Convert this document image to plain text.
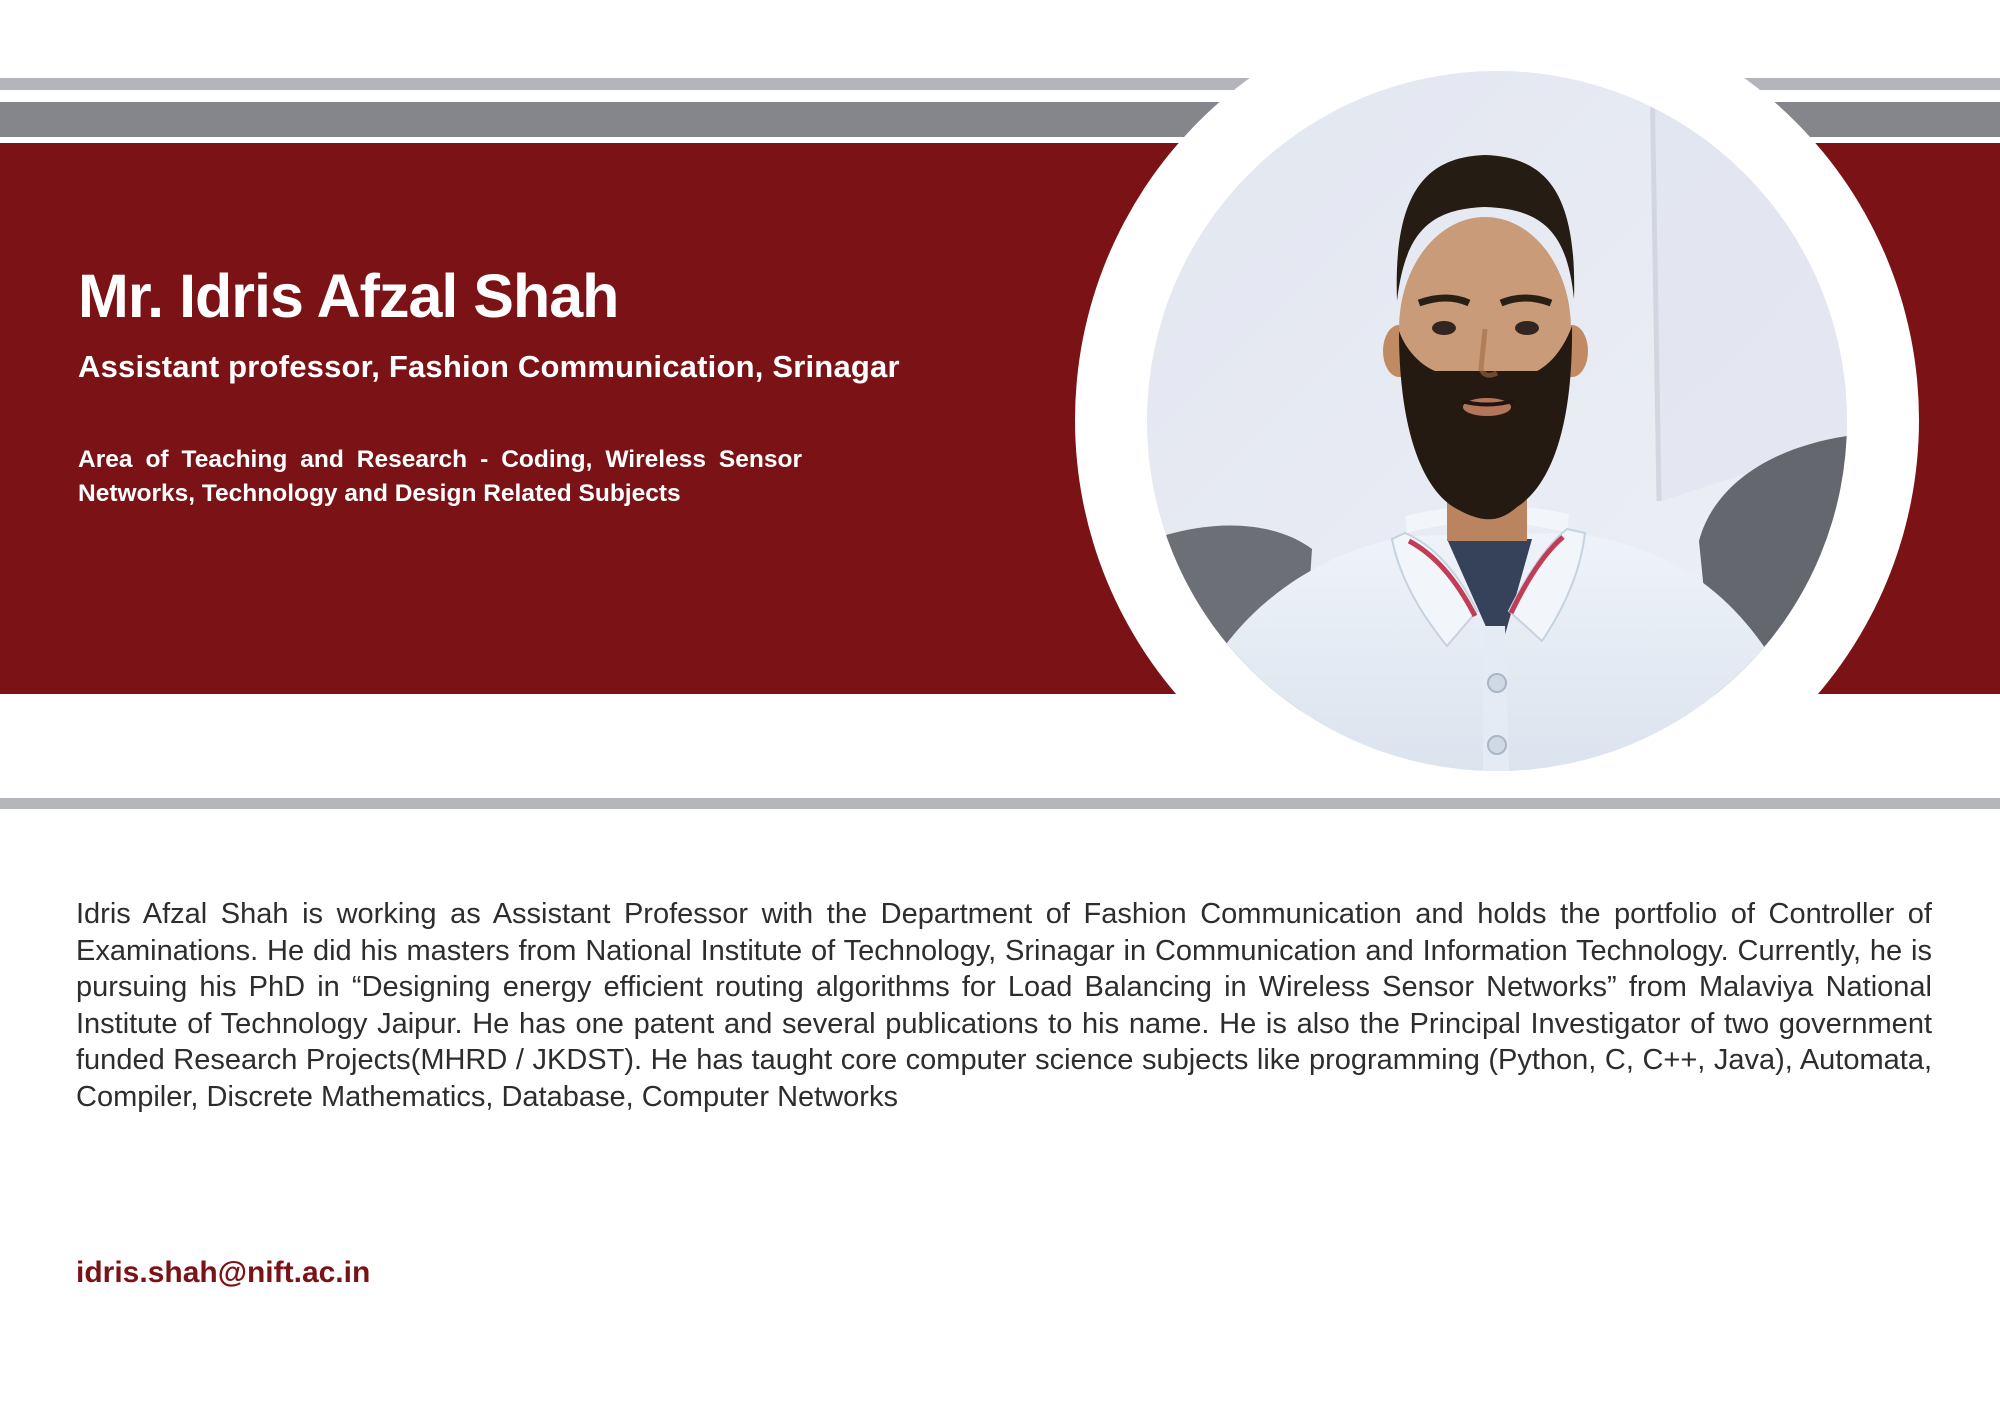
Mr. Idris Afzal Shah
Assistant professor, Fashion Communication, Srinagar

Area of Teaching and Research - Coding, Wireless Sensor Networks, Technology and Design Related Subjects

Idris Afzal Shah is working as Assistant Professor with the Department of Fashion Communication and holds the portfolio of Controller of Examinations. He did his masters from National Institute of Technology, Srinagar in Communication and Information Technology. Currently, he is pursuing his PhD in “Designing energy efficient routing algorithms for Load Balancing in Wireless Sensor Networks” from Malaviya National Institute of Technology Jaipur. He has one patent and several publications to his name. He is also the Principal Investigator of two government funded Research Projects(MHRD / JKDST). He has taught core computer science subjects like programming (Python, C, C++, Java), Automata, Compiler, Discrete Mathematics, Database, Computer Networks

idris.shah@nift.ac.in
